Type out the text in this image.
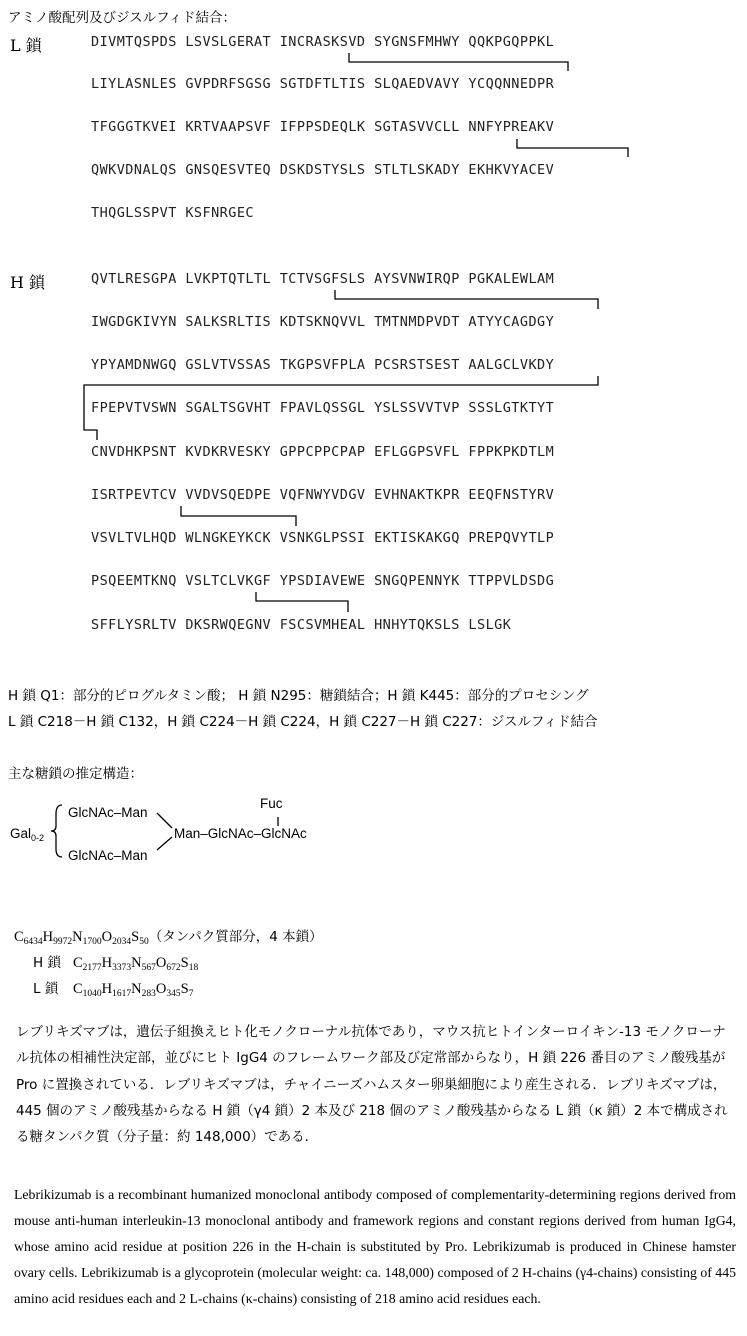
アミノ酸配列及びジスルフィド結合：
L 鎖	DIVMTQSPDS LSVSLGERAT INCRASKSVD SYGNSFMHWY QQKPGQPPKL
LIYLASNLES GVPDRFSGSG SGTDFTLTIS SLQAEDVAVY YCQQNNEDPR
TFGGGTKVEI KRTVAAPSVF IFPPSDEQLK SGTASVVCLL NNFYPREAKV
QWKVDNALQS GNSQESVTEQ DSKDSTYSLS STLTLSKADY EKHKVYACEV
THQGLSSPVT KSFNRGEC
H 鎖	QVTLRESGPA LVKPTQTLTL TCTVSGFSLS AYSVNWIRQP PGKALEWLAM
IWGDGKIVYN SALKSRLTIS KDTSKNQVVL TMTNMDPVDT ATYYCAGDGY
YPYAMDNWGQ GSLVTVSSAS TKGPSVFPLA PCSRSTSEST AALGCLVKDY
FPEPVTVSWN SGALTSGVHT FPAVLQSSGL YSLSSVVTVP SSSLGTKTYT
CNVDHKPSNT KVDKRVESKY GPPCPPCPAP EFLGGPSVFL FPPKPKDTLM
ISRTPEVTCV VVDVSQEDPE VQFNWYVDGV EVHNAKTKPR EEQFNSTYRV
VSVLTVLHQD WLNGKEYKCK VSNKGLPSSI EKTISKAKGQ PREPQVYTLP
PSQEEMTKNQ VSLTCLVKGF YPSDIAVEWE SNGQPENNYK TTPPVLDSDG
SFFLYSRLTV DKSRWQEGNV FSCSVMHEAL HNHYTQKSLS LSLGK
H 鎖 Q1：部分的ピログルタミン酸； H 鎖 N295：糖鎖結合；H 鎖 K445：部分的プロセシング
L 鎖 C218－H 鎖 C132，H 鎖 C224－H 鎖 C224，H 鎖 C227－H 鎖 C227：ジスルフィド結合
主な糖鎖の推定構造：
Gal$_{0-2}$
GlcNAc–Man
GlcNAc–Man
Man–GlcNAc–GlcNAc
Fuc
$C_{6434}H_{9972}N_{1700}O_{2034}S_{50}$（タンパク質部分，4 本鎖）
H 鎖 $C_{2177}H_{3373}N_{567}O_{672}S_{18}$
L 鎖 $C_{1040}H_{1617}N_{283}O_{345}S_7$
レブリキズマブは，遺伝子組換えヒト化モノクローナル抗体であり，マウス抗ヒトインターロイキン-13 モノクローナル抗体の相補性決定部，並びにヒト IgG4 のフレームワーク部及び定常部からなり，H 鎖 226 番目のアミノ酸残基が Pro に置換されている．レブリキズマブは，チャイニーズハムスター卵巣細胞により産生される．レブリキズマブは，445 個のアミノ酸残基からなる H 鎖（γ4 鎖）2 本及び 218 個のアミノ酸残基からなる L 鎖（κ 鎖）2 本で構成される糖タンパク質（分子量：約 148,000）である．
Lebrikizumab is a recombinant humanized monoclonal antibody composed of complementarity-determining regions derived from mouse anti-human interleukin-13 monoclonal antibody and framework regions and constant regions derived from human IgG4, whose amino acid residue at position 226 in the H-chain is substituted by Pro. Lebrikizumab is produced in Chinese hamster ovary cells. Lebrikizumab is a glycoprotein (molecular weight: ca. 148,000) composed of 2 H-chains (γ4-chains) consisting of 445 amino acid residues each and 2 L-chains (κ-chains) consisting of 218 amino acid residues each.
